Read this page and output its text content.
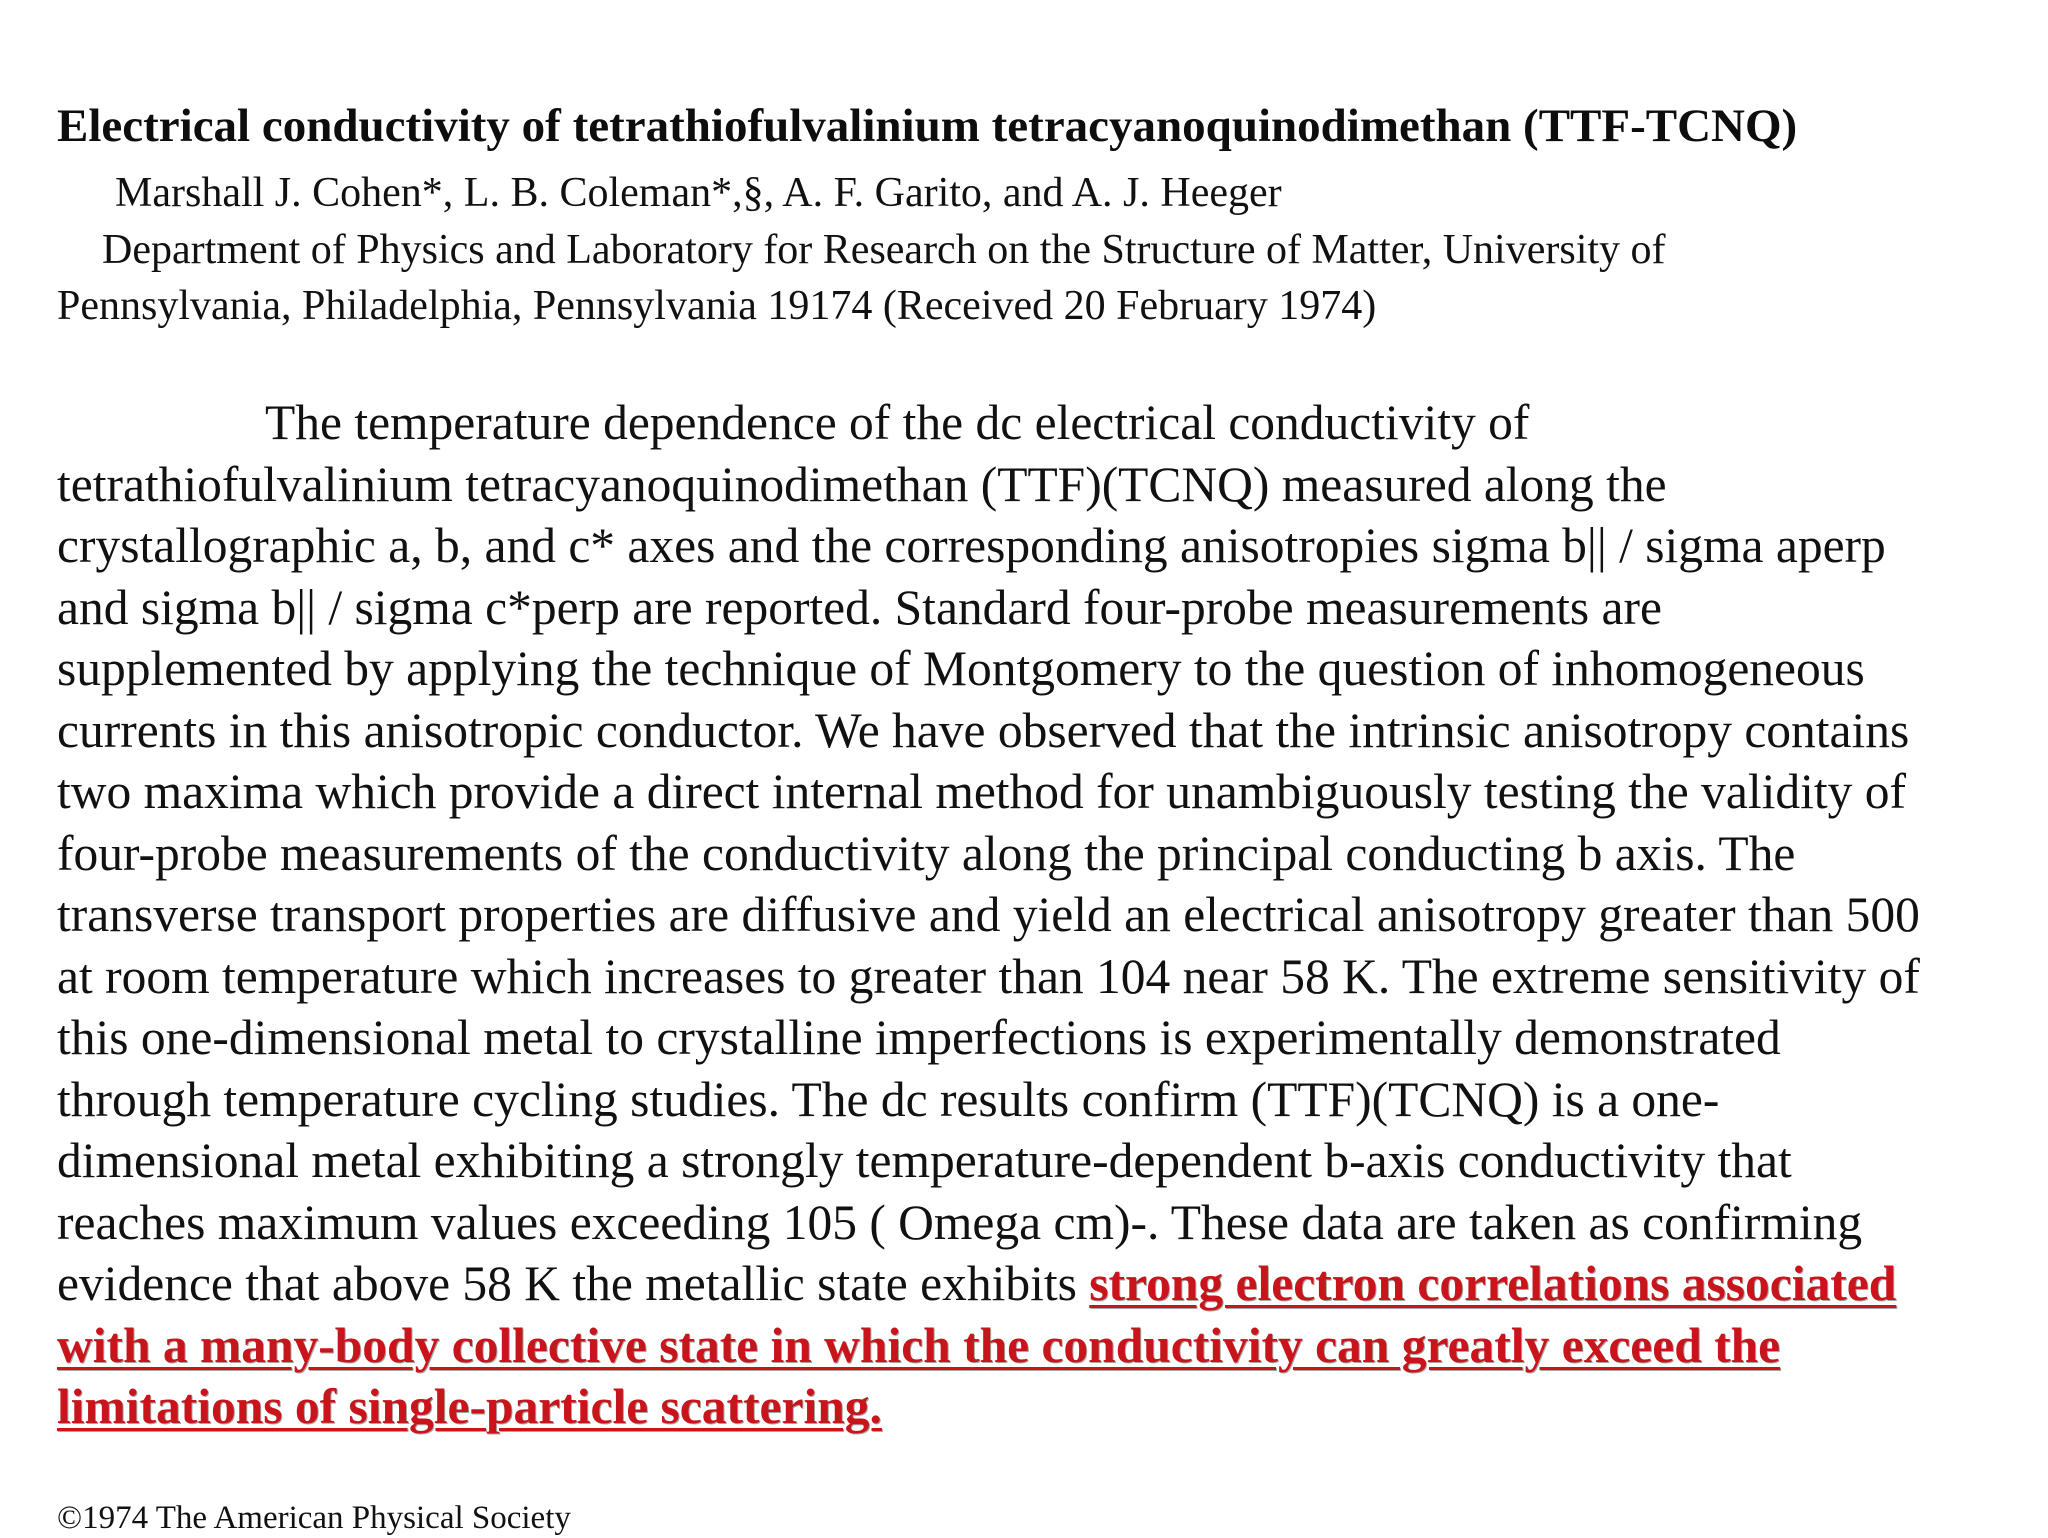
Electrical conductivity of tetrathiofulvalinium tetracyanoquinodimethan (TTF-TCNQ)
Marshall J. Cohen*, L. B. Coleman*,§, A. F. Garito, and A. J. Heeger
Department of Physics and Laboratory for Research on the Structure of Matter, University of
Pennsylvania, Philadelphia, Pennsylvania 19174 (Received 20 February 1974)
The temperature dependence of the dc electrical conductivity of
tetrathiofulvalinium tetracyanoquinodimethan (TTF)(TCNQ) measured along the
crystallographic a, b, and c* axes and the corresponding anisotropies sigma b|| / sigma aperp
and sigma b|| / sigma c*perp are reported. Standard four-probe measurements are
supplemented by applying the technique of Montgomery to the question of inhomogeneous
currents in this anisotropic conductor. We have observed that the intrinsic anisotropy contains
two maxima which provide a direct internal method for unambiguously testing the validity of
four-probe measurements of the conductivity along the principal conducting b axis. The
transverse transport properties are diffusive and yield an electrical anisotropy greater than 500
at room temperature which increases to greater than 104 near 58 K. The extreme sensitivity of
this one-dimensional metal to crystalline imperfections is experimentally demonstrated
through temperature cycling studies. The dc results confirm (TTF)(TCNQ) is a one-
dimensional metal exhibiting a strongly temperature-dependent b-axis conductivity that
reaches maximum values exceeding 105 ( Omega cm)-. These data are taken as confirming
evidence that above 58 K the metallic state exhibits strong electron correlations associated
with a many-body collective state in which the conductivity can greatly exceed the
limitations of single-particle scattering.
©1974 The American Physical Society
